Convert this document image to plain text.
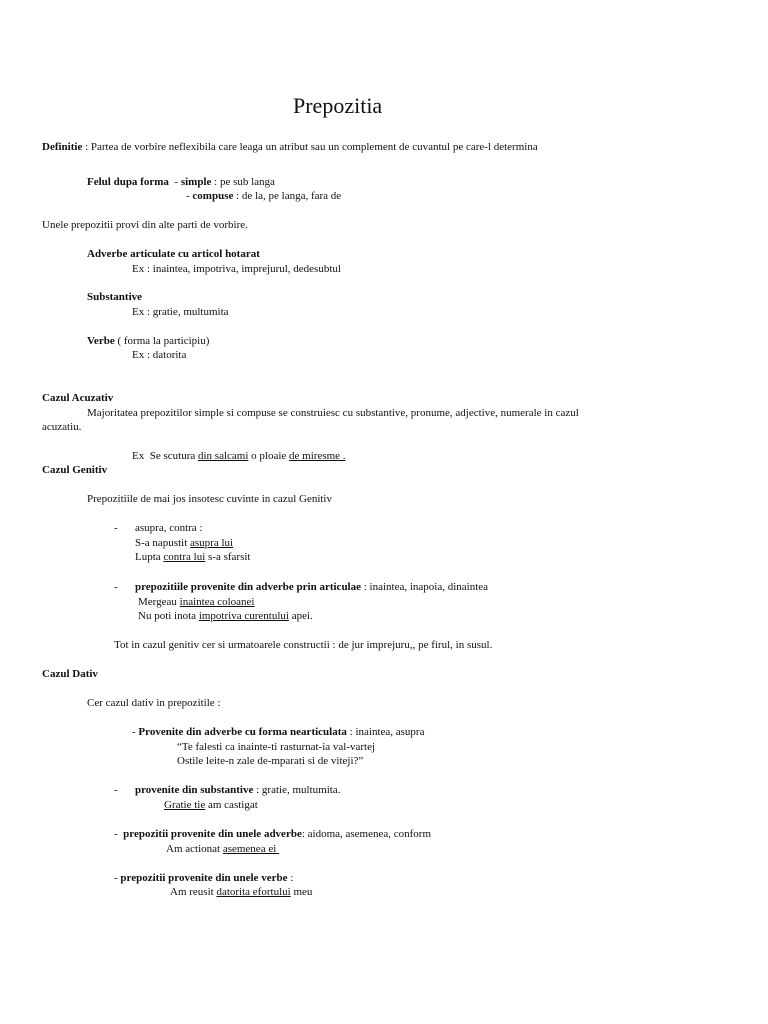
Prepozitia
Definitie : Partea de vorbire neflexibila care leaga un atribut sau un complement de cuvantul pe care-l determina
Felul dupa forma  - simple : pe sub langa
- compuse : de la, pe langa, fara de
Unele prepozitii provi din alte parti de vorbire.
Adverbe articulate cu articol hotarat
Ex : inaintea, impotriva, imprejurul, dedesubtul
Substantive
Ex : gratie, multumita
Verbe ( forma la participiu)
Ex : datorita
Cazul Acuzativ
Majoritatea prepozitilor simple si compuse se construiesc cu substantive, pronume, adjective, numerale in cazul
acuzatiu.
Ex  Se scutura din salcami o ploaie de miresme .
Cazul Genitiv
Prepozitiile de mai jos insotesc cuvinte in cazul Genitiv
- asupra, contra :
S-a napustit asupra lui
Lupta contra lui s-a sfarsit
- prepozitiile provenite din adverbe prin articulae : inaintea, inapoia, dinaintea
Mergeau inaintea coloanei
Nu poti inota impotriva curentului apei.
Tot in cazul genitiv cer si urmatoarele constructii : de jur imprejuru,, pe firul, in susul.
Cazul Dativ
Cer cazul dativ in prepozitile :
- Provenite din adverbe cu forma nearticulata : inaintea, asupra
“Te falesti ca inainte-ti rasturnat-ia val-vartej
Ostile leite-n zale de-mparati si de viteji?”
- provenite din substantive : gratie, multumita.
Gratie tie am castigat
-  prepozitii provenite din unele adverbe: aidoma, asemenea, conform
Am actionat asemenea ei
- prepozitii provenite din unele verbe :
Am reusit datorita efortului meu
